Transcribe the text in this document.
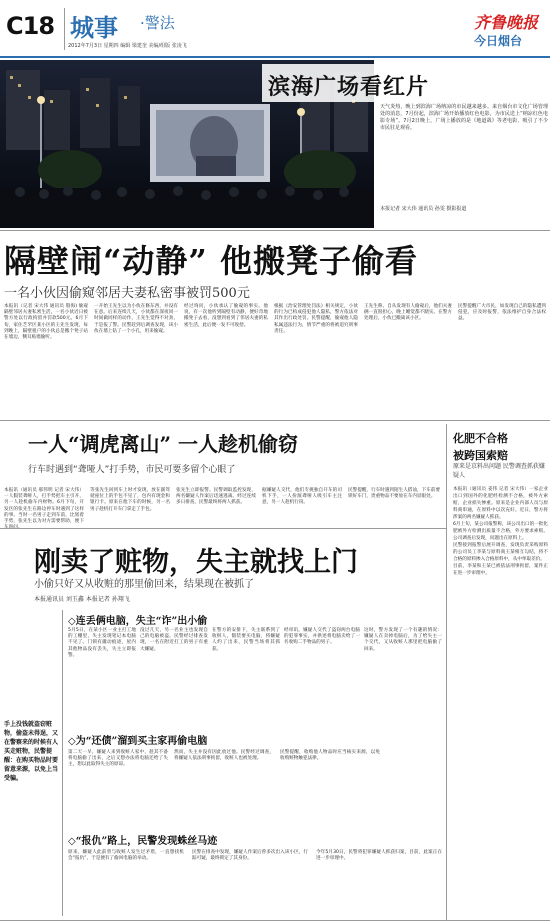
C18 城事 ·警法
2012年7月3日 星期四 编辑 梁建奎 美编/组版 张凌飞
齐鲁晚报
今日烟台
滨海广场看红片
天气炎热，晚上到滨海广场纳凉的市民越来越多。来自烟台市文化广场管理处的消息，7月份起，滨海广场开始播放红色电影，为市民送上“纳凉红色电影专场”。7月2日晚上，广场上播放的是《地道战》等老电影，吸引了不少市民驻足观看。
本报记者 宋大伟 通讯员 孙雯 摄影报道
隔壁闹“动静” 他搬凳子偷看
一名小伙因偷窥邻居夫妻私密事被罚500元
本报讯（记者 宋大伟 通讯员 殷海) 偷窥隔壁邻居夫妻私密生活，一名小伙近日被警方处以行政拘留并罚款500元。6月下旬，家住芝罘区某小区的王先生发现，每到晚上，隔壁租户的小伙总是搬个凳子站在墙边，侧耳贴墙偷听。
一开始王先生以为小伙在修东西，并没有在意。后来连续几天，小伙都在深夜同一时间做同样的动作，王先生觉得不对劲，于是报了警。民警赶到后调查发现，该小伙在墙上钻了一个小孔，用来偷窥。
经过询问，小伙承认了偷窥的事实。他说，有一次他听到隔壁有动静，便好奇地搬凳子去看，没想到看到了邻居夫妻的私密生活，此后便一发不可收拾。
根据《治安管理处罚法》相关规定，小伙的行为已构成侵犯他人隐私，警方依法对其作出行政处罚。民警提醒，偷窥他人隐私属违法行为，情节严重的将被追究刑事责任。
王先生称，自从发现有人偷窥后，他们夫妻俩一直很担心，晚上睡觉都不踏实。在警方处理后，小伙已搬离该小区。
民警提醒广大市民，如发现自己的隐私遭到侵犯，应及时报警，依法维护自身合法权益。
一人“调虎离山” 一人趁机偷窃
行车时遇到“聋哑人”打手势，市民可要多留个心眼了
本报讯（通讯员 郝伟明 记者 宋大伟）一人假装聋哑人，打手势把车主引开，另一人趁机偷车内财物。6月下旬，开发区的张先生在路边停车时遇到了这样的事。当时一名男子走到车前，比划着手势，张先生以为对方需要帮助，便下
等张先生回到车上时才发现，放在副驾驶座位上的手包不见了，包内有现金和银行卡。原来在他下车的时候，另一名男子趁机打开车门拿走了手包。
张先生立即报警。民警调取监控发现，两名嫌疑人作案后迅速逃离。经过连续多日排查，民警最终将两人抓获。
据嫌疑人交代，他们专挑独自开车的司机下手，一人扮演聋哑人吸引车主注意，另一人趁机行窃。
民警提醒，行车时遇到陌生人搭讪，下车前要锁好车门，贵重物品不要放在车内显眼处。
化肥不合格
被跨国索赔
原来是京料出问题 民警调查抓获嫌疑人
本报讯（通讯员 姜伟 记者 宋大伟）一家企业出口到国外的化肥经检测不合格，被外方索赔，企业损失惨重。原来是企业内部人员与原料商串通，在原料中以次充好。近日，警方将涉案的两名嫌疑人抓获。
6月上旬，某公司报警称，该公司出口的一批化肥被外方检测出质量不合格，外方要求索赔。公司调查后发现，问题出在原料上。
民警接到报警后展开调查，发现负责采购原料的公司员工李某与原料商王某相互勾结，将不合格的原料掺入合格原料中，从中牟取差价。
目前，李某和王某已被依法刑事拘留，案件正在进一步审理中。
刚卖了赃物，失主就找上门
小偷只好又从收赃的那里偷回来，结果现在被抓了
本报通讯员 刘玉鑫 本报记者 孙翔飞
手上没钱就盗窃赃物，偷盗未得逞，又在警察来的时候有人买走赃物，民警提醒：在购买物品时要留意来源，以免上当受骗。
◇连丢俩电脑，失主“诈”出小偷
5月5日，在某小区一业主打工地的工棚里，失主发现笔记本电脑不见了。门锁有撬动痕迹，屋内其他物品没有丢失，失主立即报警。
没过几天，另一名业主也发现自己的电脑被盗。民警经过排查发现，一名在附近打工的男子有重大嫌疑。
在警方的安排下，失主联系到了收赃人，假装要买电脑，将嫌疑人约了出来，民警当场将其抓获。
经审讯，嫌疑人交代了盗窃两台电脑的犯罪事实，并供述将电脑卖给了一名收购二手物品的男子。
这时，警方发现了一个有趣的情况：嫌疑人在卖掉电脑后，为了给失主一个交代，又从收赃人那里把电脑偷了回来。
◇为“还债”溜到买主家再偷电脑
第二天一早，嫌疑人来到收赃人家中，趁其不备将电脑偷了出来，之后又想办法将电脑还给了失主，想以此取得失主的原谅。
然而，失主并没有因此放过他。民警经过调查，将嫌疑人依法刑事拘留，收赃人也被处理。
民警提醒，收购他人物品时应当核实来源，以免收购赃物触犯法律。
◇“报仇”路上，民警发现蛛丝马迹
原来，嫌疑人此前曾与收赃人发生过矛盾，一直想找机会“报仇”，于是便有了偷回电脑的举动。
民警在排查中发现，嫌疑人作案后曾多次出入该小区，行踪可疑，最终锁定了其身份。
今年5月30日，民警将犯罪嫌疑人抓获归案，目前，此案正在进一步审理中。
